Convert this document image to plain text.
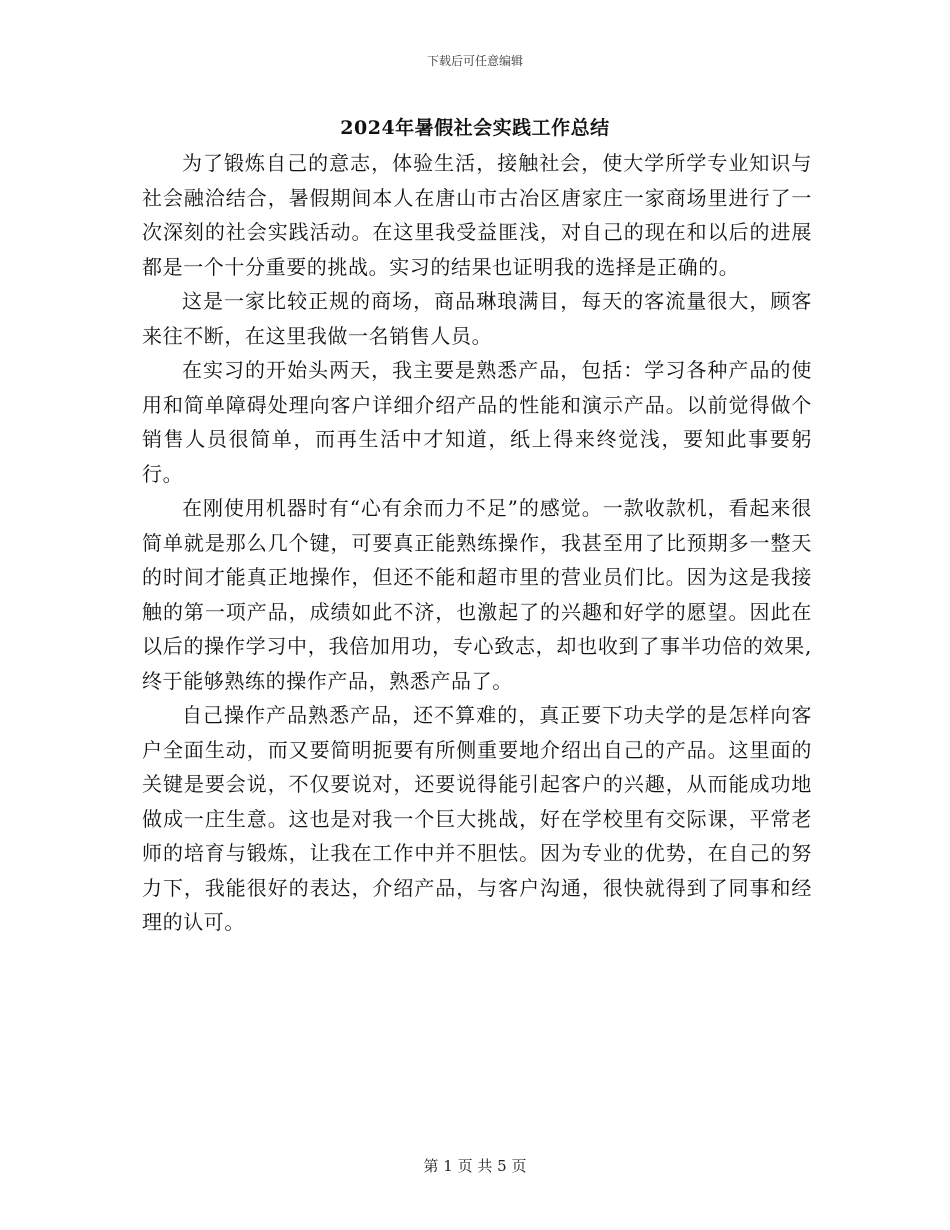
下载后可任意编辑
2024年暑假社会实践工作总结

为了锻炼自己的意志，体验生活，接触社会，使大学所学专业知识与社会融洽结合，暑假期间本人在唐山市古冶区唐家庄一家商场里进行了一次深刻的社会实践活动。在这里我受益匪浅，对自己的现在和以后的进展都是一个十分重要的挑战。实习的结果也证明我的选择是正确的。

这是一家比较正规的商场，商品琳琅满目，每天的客流量很大，顾客来往不断，在这里我做一名销售人员。

在实习的开始头两天，我主要是熟悉产品，包括：学习各种产品的使用和简单障碍处理向客户详细介绍产品的性能和演示产品。以前觉得做个销售人员很简单，而再生活中才知道，纸上得来终觉浅，要知此事要躬行。

在刚使用机器时有“心有余而力不足”的感觉。一款收款机，看起来很简单就是那么几个键，可要真正能熟练操作，我甚至用了比预期多一整天的时间才能真正地操作，但还不能和超市里的营业员们比。因为这是我接触的第一项产品，成绩如此不济，也激起了的兴趣和好学的愿望。因此在以后的操作学习中，我倍加用功，专心致志，却也收到了事半功倍的效果,终于能够熟练的操作产品，熟悉产品了。

自己操作产品熟悉产品，还不算难的，真正要下功夫学的是怎样向客户全面生动，而又要简明扼要有所侧重要地介绍出自己的产品。这里面的关键是要会说，不仅要说对，还要说得能引起客户的兴趣，从而能成功地做成一庄生意。这也是对我一个巨大挑战，好在学校里有交际课，平常老师的培育与锻炼，让我在工作中并不胆怯。因为专业的优势，在自己的努力下，我能很好的表达，介绍产品，与客户沟通，很快就得到了同事和经理的认可。

第 1 页 共 5 页
